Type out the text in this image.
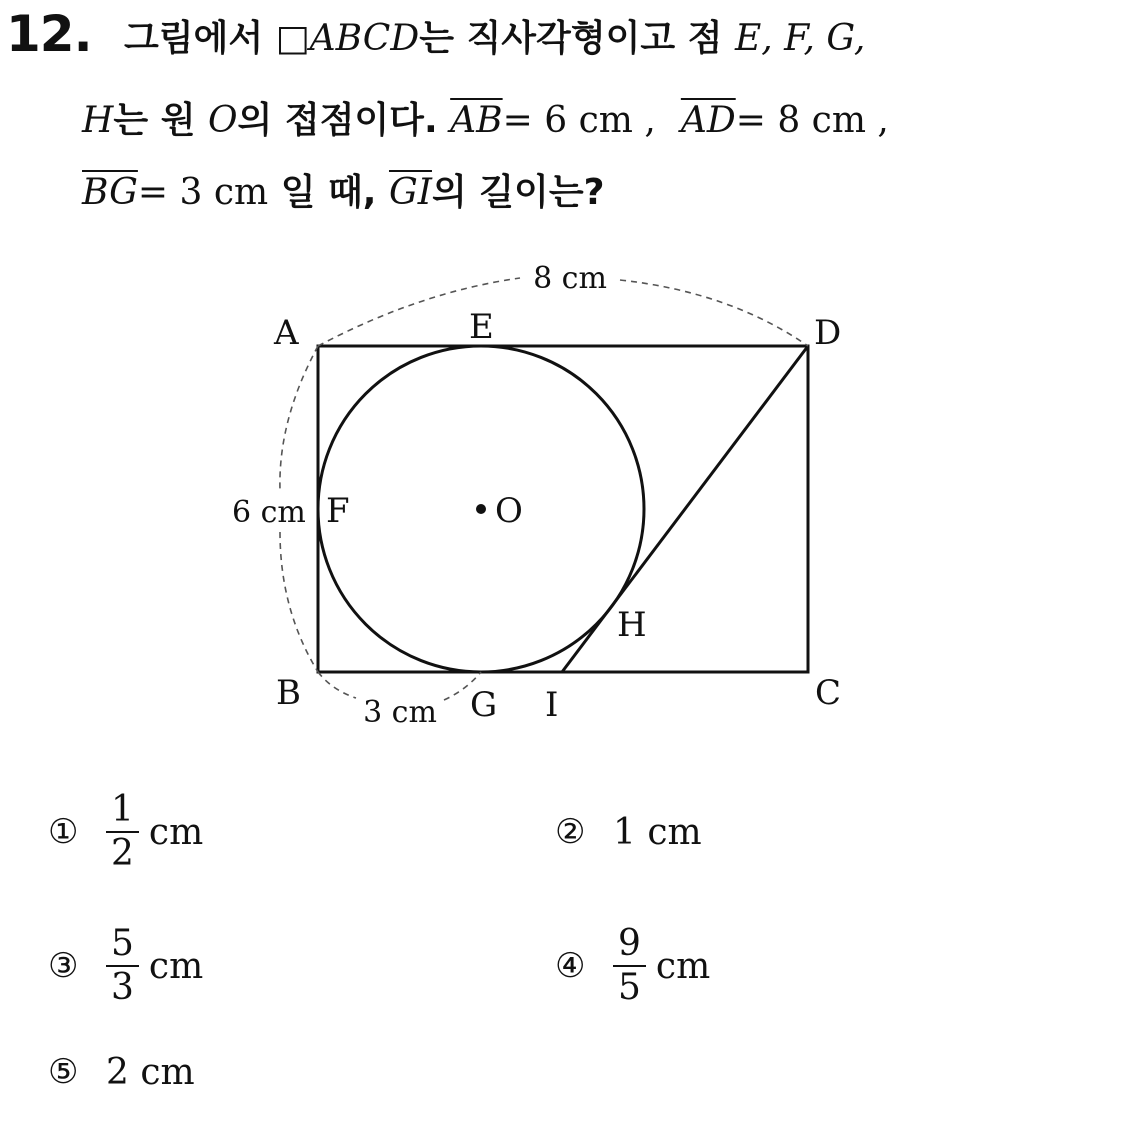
12. 그림에서 □ABCD는 직사각형이고 점 E, F, G,
H는 원 O의 접점이다. $\overline{AB}= 6$ cm , $\overline{AD}= 8$ cm ,
$\overline{BG}= 3$ cm 일 때, $\overline{GI}$의 길이는?
A	D
B	C
E
F
G
H
I
O
8 cm
6 cm
3 cm
① $\frac{1}{2}$ cm	② 1 cm
③ $\frac{5}{3}$ cm	④ $\frac{9}{5}$ cm
⑤ 2 cm
